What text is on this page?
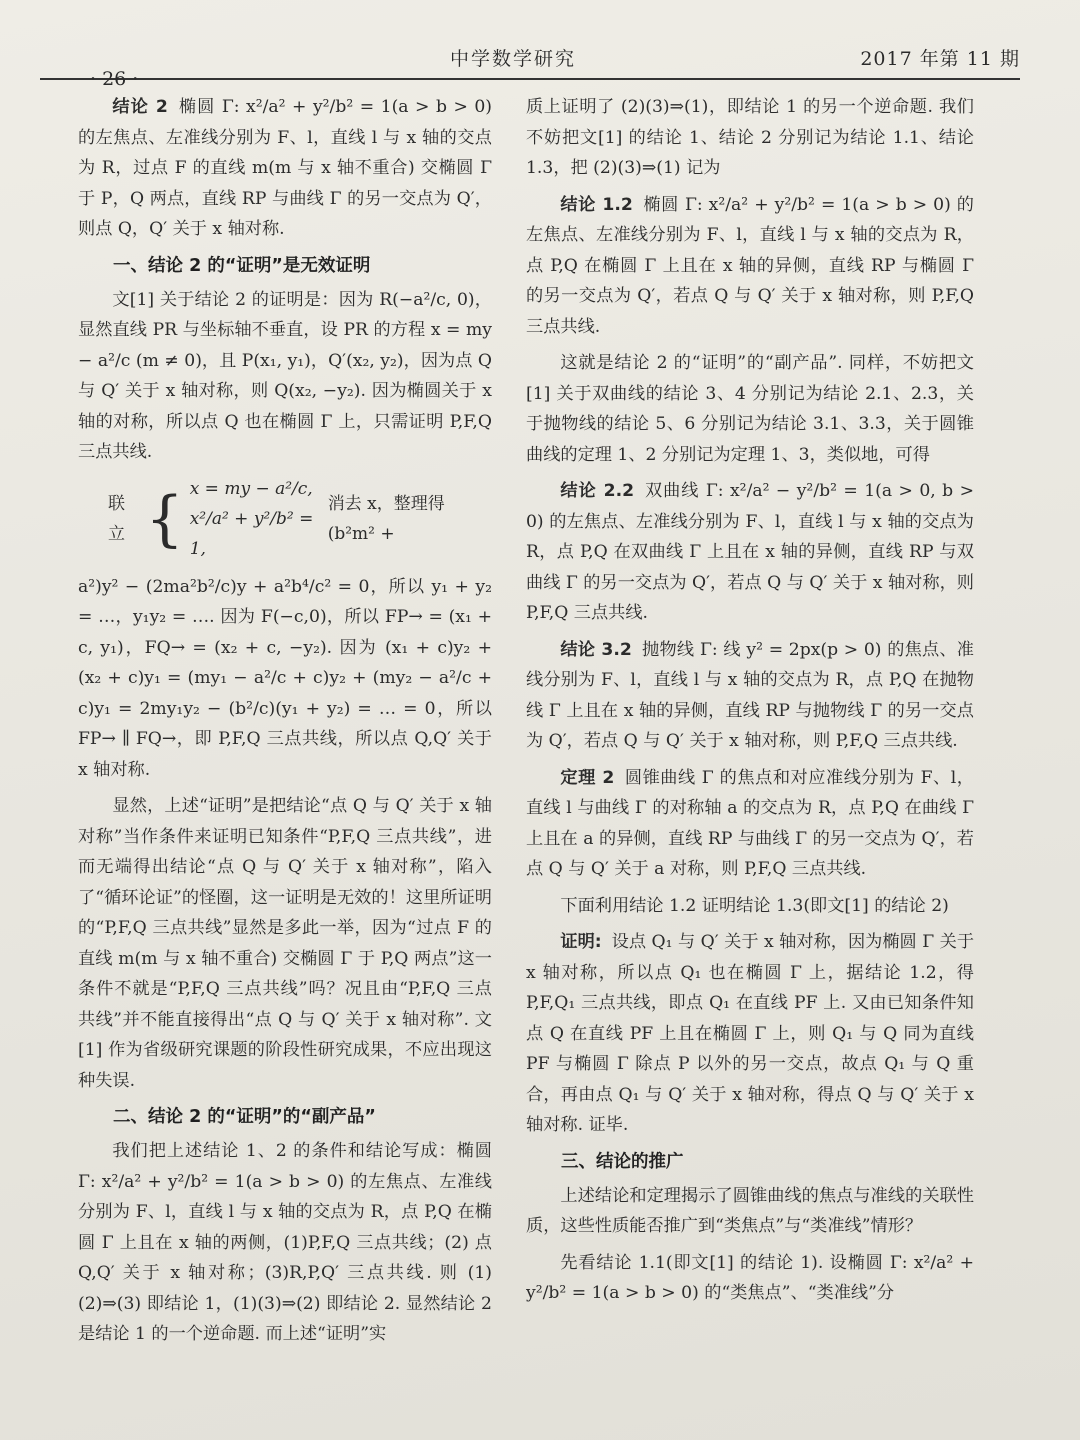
· 26 ·
中学数学研究	2017 年第 11 期

结论 2 椭圆 Γ: x²/a² + y²/b² = 1(a > b > 0) 的左焦点、左准线分别为 F、l，直线 l 与 x 轴的交点为 R，过点 F 的直线 m(m 与 x 轴不重合) 交椭圆 Γ 于 P，Q 两点，直线 RP 与曲线 Γ 的另一交点为 Q′，则点 Q，Q′ 关于 x 轴对称.

一、结论 2 的“证明”是无效证明

文[1] 关于结论 2 的证明是：因为 R(−a²/c, 0)，显然直线 PR 与坐标轴不垂直，设 PR 的方程 x = my − a²/c (m ≠ 0)，且 P(x₁, y₁)，Q′(x₂, y₂)，因为点 Q 与 Q′ 关于 x 轴对称，则 Q(x₂, −y₂). 因为椭圆关于 x 轴的对称，所以点 Q 也在椭圆 Γ 上，只需证明 P,F,Q 三点共线.

联立 { x = my − a²/c,
x²/a² + y²/b² = 1,
消去 x，整理得 (b²m² +

a²)y² − (2ma²b²/c)y + a²b⁴/c² = 0，所以 y₁ + y₂ = …，y₁y₂ = …. 因为 F(−c,0)，所以 FP→ = (x₁ + c, y₁)，FQ→ = (x₂ + c, −y₂). 因为 (x₁ + c)y₂ + (x₂ + c)y₁ = (my₁ − a²/c + c)y₂ + (my₂ − a²/c + c)y₁ = 2my₁y₂ − (b²/c)(y₁ + y₂) = … = 0，所以 FP→ ∥ FQ→，即 P,F,Q 三点共线，所以点 Q,Q′ 关于 x 轴对称.

显然，上述“证明”是把结论“点 Q 与 Q′ 关于 x 轴对称”当作条件来证明已知条件“P,F,Q 三点共线”，进而无端得出结论“点 Q 与 Q′ 关于 x 轴对称”，陷入了“循环论证”的怪圈，这一证明是无效的！这里所证明的“P,F,Q 三点共线”显然是多此一举，因为“过点 F 的直线 m(m 与 x 轴不重合) 交椭圆 Γ 于 P,Q 两点”这一条件不就是“P,F,Q 三点共线”吗？况且由“P,F,Q 三点共线”并不能直接得出“点 Q 与 Q′ 关于 x 轴对称”. 文[1] 作为省级研究课题的阶段性研究成果，不应出现这种失误.

二、结论 2 的“证明”的“副产品”

我们把上述结论 1、2 的条件和结论写成：椭圆 Γ: x²/a² + y²/b² = 1(a > b > 0) 的左焦点、左准线分别为 F、l，直线 l 与 x 轴的交点为 R，点 P,Q 在椭圆 Γ 上且在 x 轴的两侧，(1)P,F,Q 三点共线；(2) 点 Q,Q′ 关于 x 轴对称；(3)R,P,Q′ 三点共线. 则 (1)(2)⇒(3) 即结论 1，(1)(3)⇒(2) 即结论 2. 显然结论 2 是结论 1 的一个逆命题. 而上述“证明”实

质上证明了 (2)(3)⇒(1)，即结论 1 的另一个逆命题. 我们不妨把文[1] 的结论 1、结论 2 分别记为结论 1.1、结论 1.3，把 (2)(3)⇒(1) 记为

结论 1.2 椭圆 Γ: x²/a² + y²/b² = 1(a > b > 0) 的左焦点、左准线分别为 F、l，直线 l 与 x 轴的交点为 R，点 P,Q 在椭圆 Γ 上且在 x 轴的异侧，直线 RP 与椭圆 Γ 的另一交点为 Q′，若点 Q 与 Q′ 关于 x 轴对称，则 P,F,Q 三点共线.

这就是结论 2 的“证明”的“副产品”. 同样，不妨把文[1] 关于双曲线的结论 3、4 分别记为结论 2.1、2.3，关于抛物线的结论 5、6 分别记为结论 3.1、3.3，关于圆锥曲线的定理 1、2 分别记为定理 1、3，类似地，可得

结论 2.2 双曲线 Γ: x²/a² − y²/b² = 1(a > 0, b > 0) 的左焦点、左准线分别为 F、l，直线 l 与 x 轴的交点为 R，点 P,Q 在双曲线 Γ 上且在 x 轴的异侧，直线 RP 与双曲线 Γ 的另一交点为 Q′，若点 Q 与 Q′ 关于 x 轴对称，则 P,F,Q 三点共线.

结论 3.2 抛物线 Γ: 线 y² = 2px(p > 0) 的焦点、准线分别为 F、l，直线 l 与 x 轴的交点为 R，点 P,Q 在抛物线 Γ 上且在 x 轴的异侧，直线 RP 与抛物线 Γ 的另一交点为 Q′，若点 Q 与 Q′ 关于 x 轴对称，则 P,F,Q 三点共线.

定理 2 圆锥曲线 Γ 的焦点和对应准线分别为 F、l，直线 l 与曲线 Γ 的对称轴 a 的交点为 R，点 P,Q 在曲线 Γ 上且在 a 的异侧，直线 RP 与曲线 Γ 的另一交点为 Q′，若点 Q 与 Q′ 关于 a 对称，则 P,F,Q 三点共线.

下面利用结论 1.2 证明结论 1.3(即文[1] 的结论 2)

证明: 设点 Q₁ 与 Q′ 关于 x 轴对称，因为椭圆 Γ 关于 x 轴对称，所以点 Q₁ 也在椭圆 Γ 上，据结论 1.2，得 P,F,Q₁ 三点共线，即点 Q₁ 在直线 PF 上. 又由已知条件知点 Q 在直线 PF 上且在椭圆 Γ 上，则 Q₁ 与 Q 同为直线 PF 与椭圆 Γ 除点 P 以外的另一交点，故点 Q₁ 与 Q 重合，再由点 Q₁ 与 Q′ 关于 x 轴对称，得点 Q 与 Q′ 关于 x 轴对称. 证毕.

三、结论的推广

上述结论和定理揭示了圆锥曲线的焦点与准线的关联性质，这些性质能否推广到“类焦点”与“类准线”情形？

先看结论 1.1(即文[1] 的结论 1). 设椭圆 Γ: x²/a² + y²/b² = 1(a > b > 0) 的“类焦点”、“类准线”分
